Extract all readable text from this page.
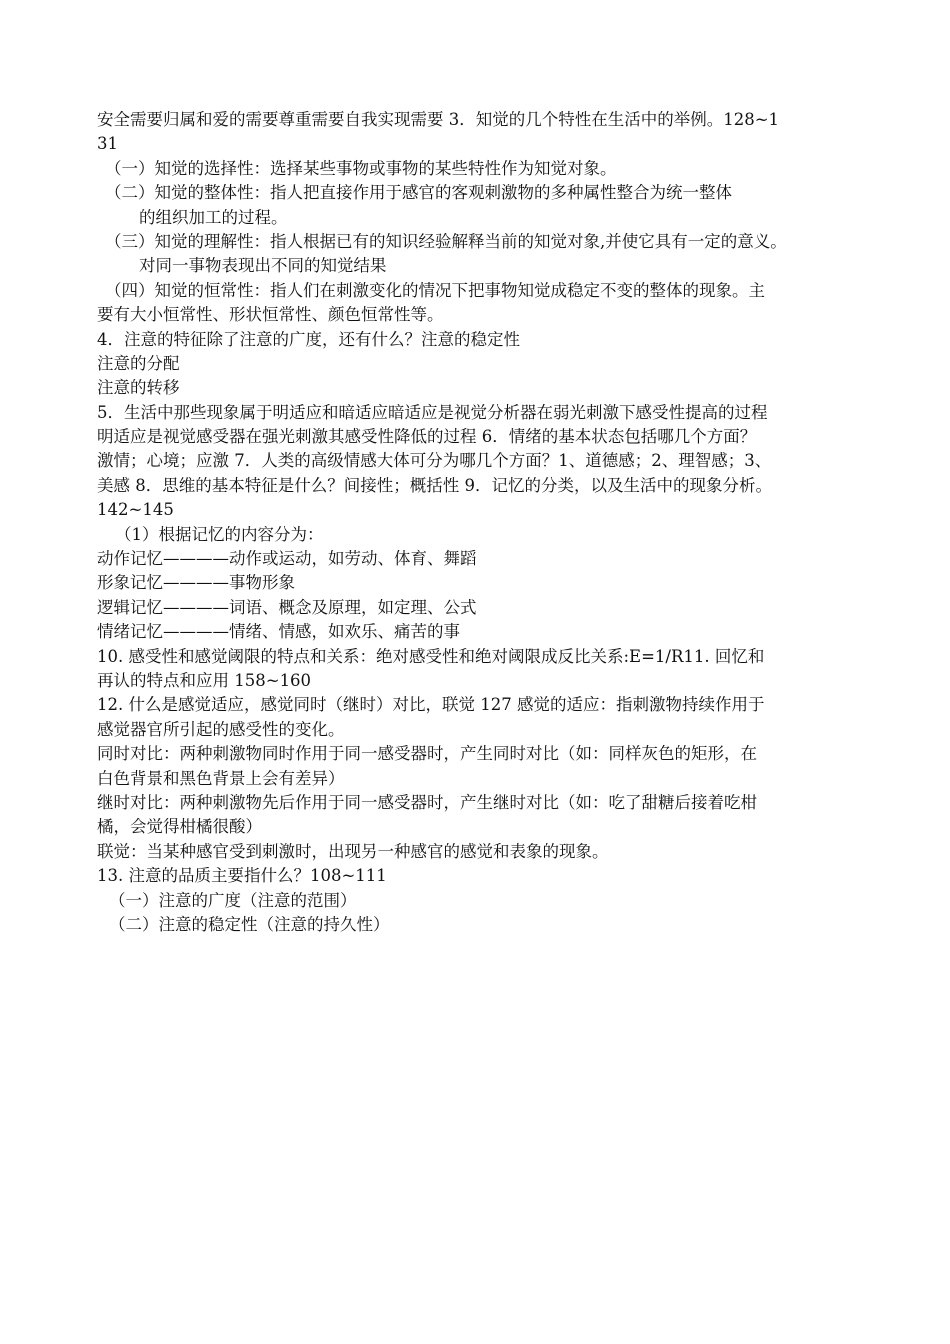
安全需要归属和爱的需要尊重需要自我实现需要 3．知觉的几个特性在生活中的举例。128~1
31
（一）知觉的选择性：选择某些事物或事物的某些特性作为知觉对象。
（二）知觉的整体性：指人把直接作用于感官的客观刺激物的多种属性整合为统一整体
的组织加工的过程。
（三）知觉的理解性：指人根据已有的知识经验解释当前的知觉对象,并使它具有一定的意义。
对同一事物表现出不同的知觉结果
（四）知觉的恒常性：指人们在刺激变化的情况下把事物知觉成稳定不变的整体的现象。主
要有大小恒常性、形状恒常性、颜色恒常性等。
4．注意的特征除了注意的广度，还有什么？注意的稳定性
注意的分配
注意的转移
5．生活中那些现象属于明适应和暗适应暗适应是视觉分析器在弱光刺激下感受性提高的过程
明适应是视觉感受器在强光刺激其感受性降低的过程 6．情绪的基本状态包括哪几个方面？
激情；心境；应激 7．人类的高级情感大体可分为哪几个方面？1、道德感；2、理智感；3、
美感 8．思维的基本特征是什么？间接性；概括性 9．记忆的分类，以及生活中的现象分析。
142~145
（1）根据记忆的内容分为：
动作记忆————动作或运动，如劳动、体育、舞蹈
形象记忆————事物形象
逻辑记忆————词语、概念及原理，如定理、公式
情绪记忆————情绪、情感，如欢乐、痛苦的事
10. 感受性和感觉阈限的特点和关系：绝对感受性和绝对阈限成反比关系:E=1/R11. 回忆和
再认的特点和应用 158~160
12. 什么是感觉适应，感觉同时（继时）对比，联觉 127 感觉的适应：指刺激物持续作用于
感觉器官所引起的感受性的变化。
同时对比：两种刺激物同时作用于同一感受器时，产生同时对比（如：同样灰色的矩形，在
白色背景和黑色背景上会有差异）
继时对比：两种刺激物先后作用于同一感受器时，产生继时对比（如：吃了甜糖后接着吃柑
橘，会觉得柑橘很酸）
联觉：当某种感官受到刺激时，出现另一种感官的感觉和表象的现象。
13. 注意的品质主要指什么？108~111
（一）注意的广度（注意的范围）
（二）注意的稳定性（注意的持久性）
